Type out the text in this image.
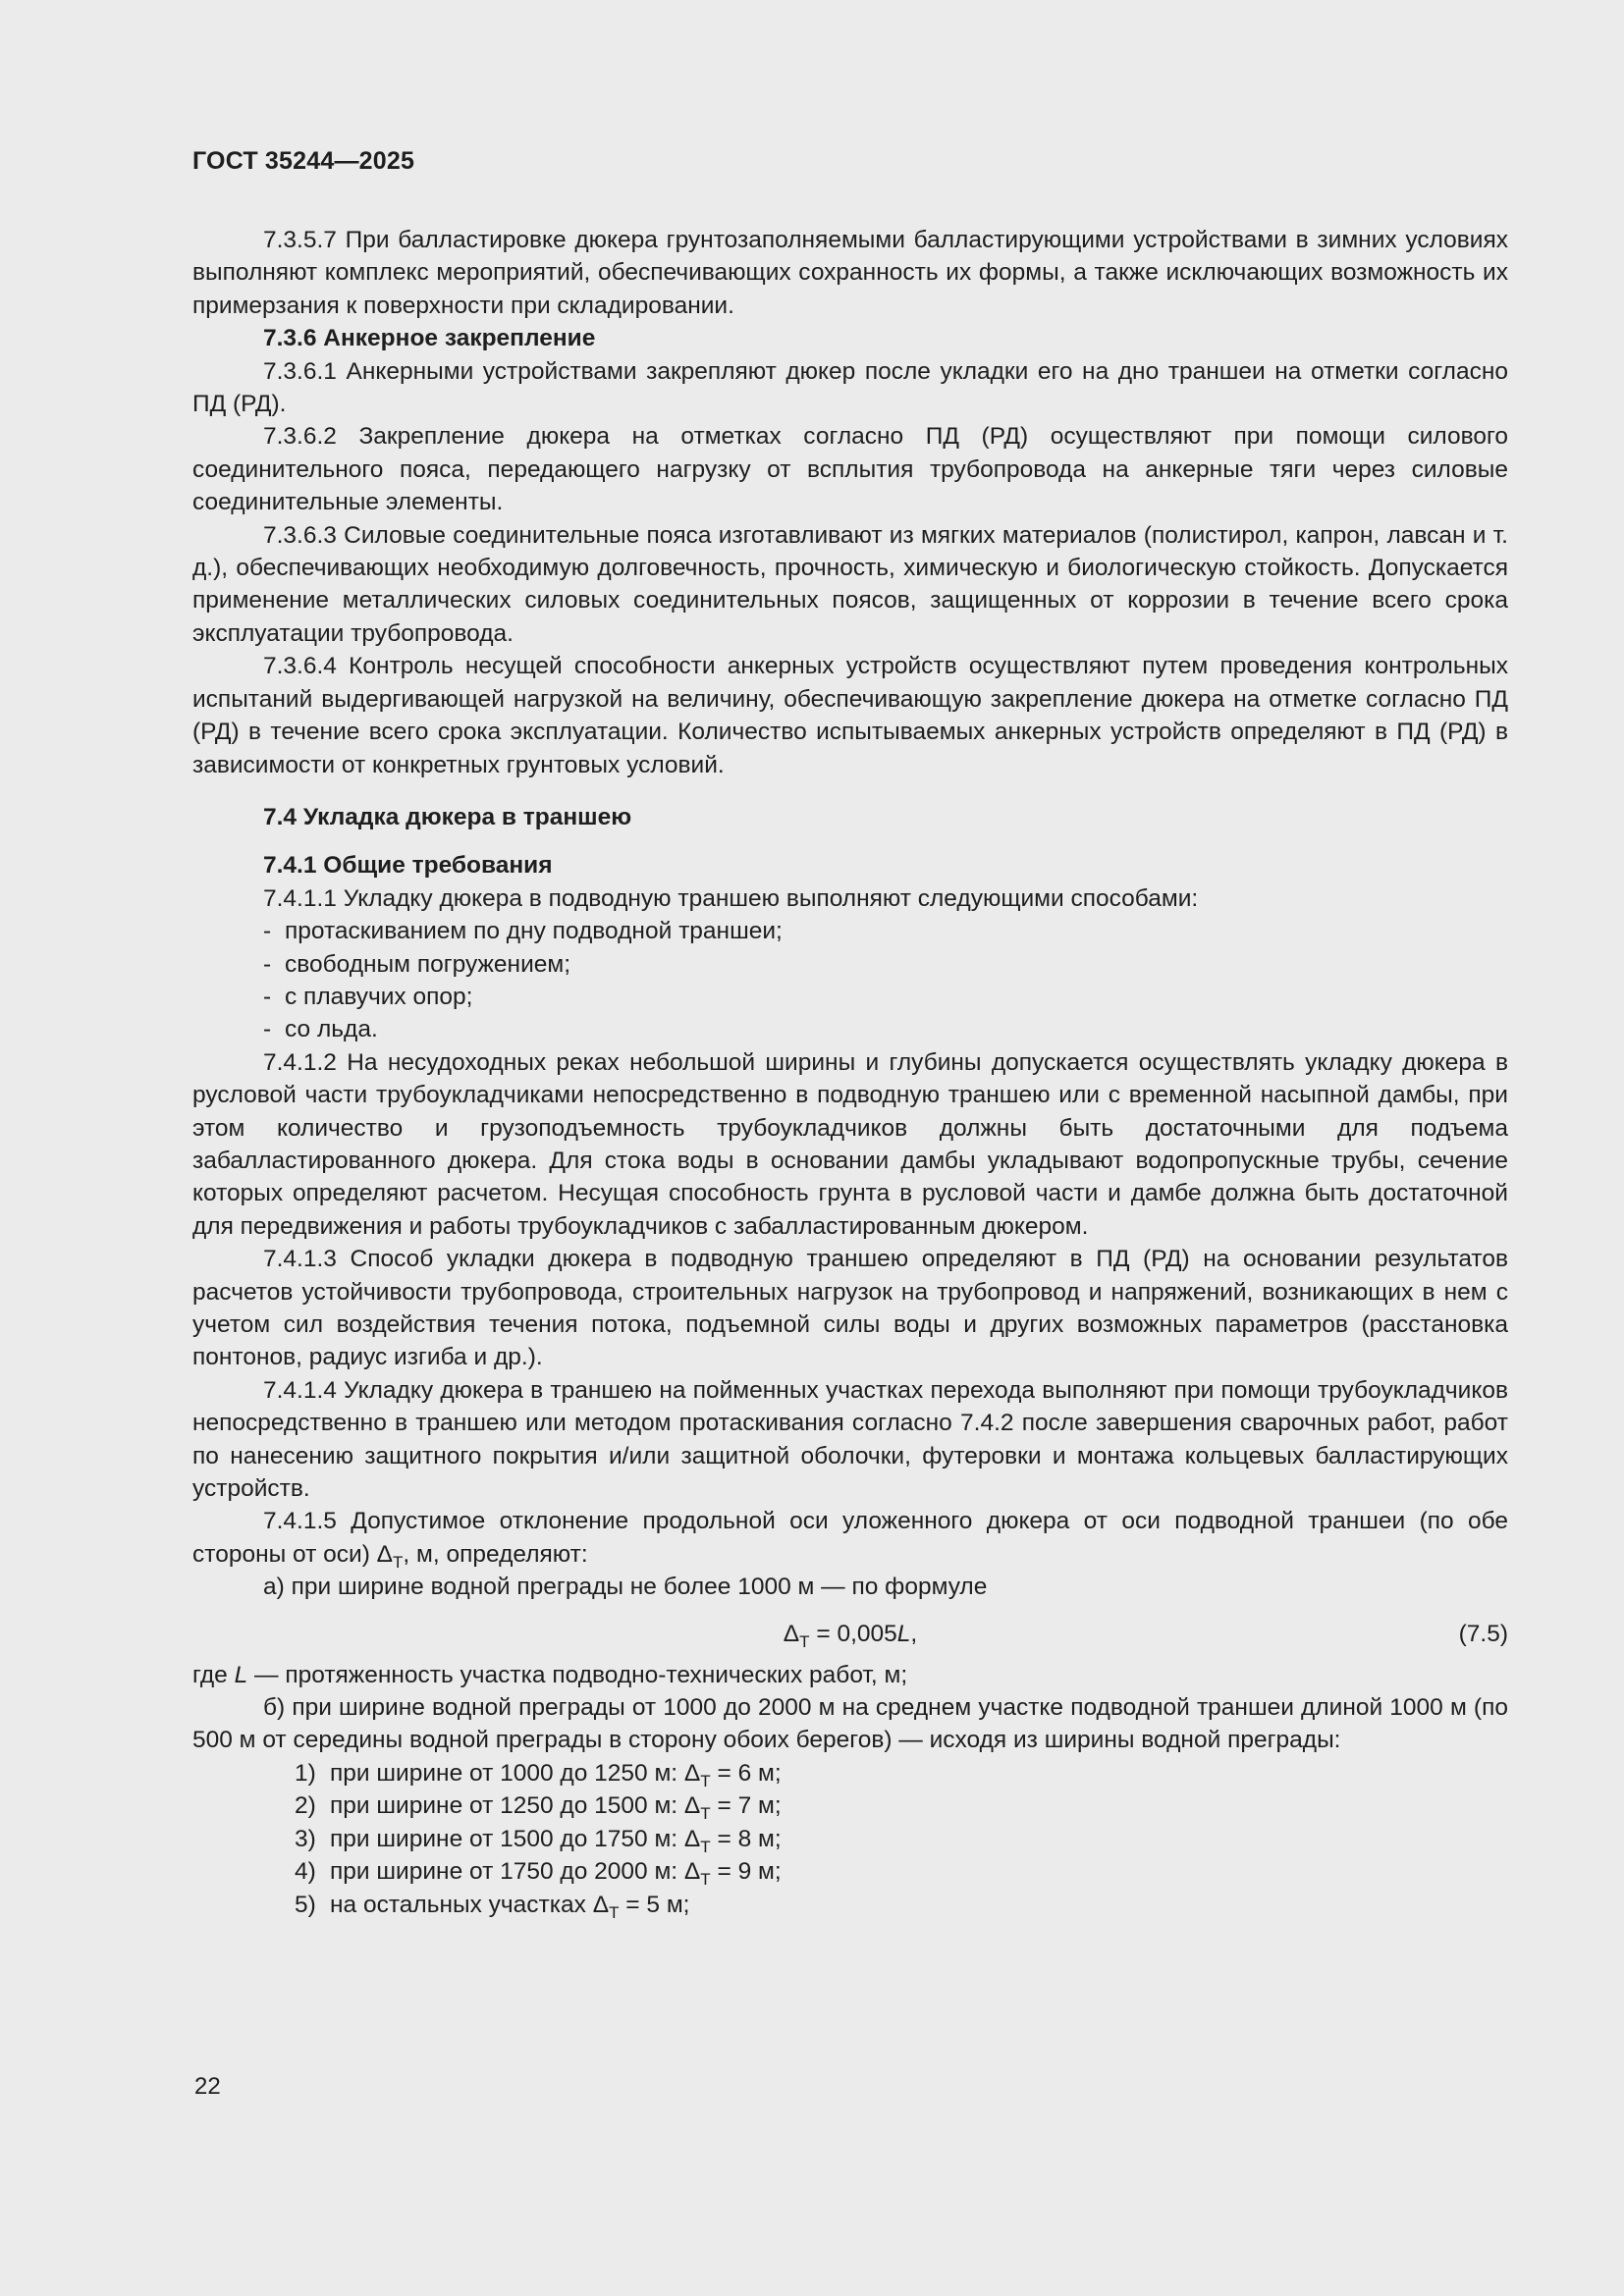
ГОСТ 35244—2025

7.3.5.7 При балластировке дюкера грунтозаполняемыми балластирующими устройствами в зимних условиях выполняют комплекс мероприятий, обеспечивающих сохранность их формы, а также исключающих возможность их примерзания к поверхности при складировании.

7.3.6 Анкерное закрепление

7.3.6.1 Анкерными устройствами закрепляют дюкер после укладки его на дно траншеи на отметки согласно ПД (РД).

7.3.6.2 Закрепление дюкера на отметках согласно ПД (РД) осуществляют при помощи силового соединительного пояса, передающего нагрузку от всплытия трубопровода на анкерные тяги через силовые соединительные элементы.

7.3.6.3 Силовые соединительные пояса изготавливают из мягких материалов (полистирол, капрон, лавсан и т. д.), обеспечивающих необходимую долговечность, прочность, химическую и биологическую стойкость. Допускается применение металлических силовых соединительных поясов, защищенных от коррозии в течение всего срока эксплуатации трубопровода.

7.3.6.4 Контроль несущей способности анкерных устройств осуществляют путем проведения контрольных испытаний выдергивающей нагрузкой на величину, обеспечивающую закрепление дюкера на отметке согласно ПД (РД) в течение всего срока эксплуатации. Количество испытываемых анкерных устройств определяют в ПД (РД) в зависимости от конкретных грунтовых условий.

7.4 Укладка дюкера в траншею

7.4.1 Общие требования

7.4.1.1 Укладку дюкера в подводную траншею выполняют следующими способами:

- протаскиванием по дну подводной траншеи;

- свободным погружением;

- с плавучих опор;

- со льда.

7.4.1.2 На несудоходных реках небольшой ширины и глубины допускается осуществлять укладку дюкера в русловой части трубоукладчиками непосредственно в подводную траншею или с временной насыпной дамбы, при этом количество и грузоподъемность трубоукладчиков должны быть достаточными для подъема забалластированного дюкера. Для стока воды в основании дамбы укладывают водопропускные трубы, сечение которых определяют расчетом. Несущая способность грунта в русловой части и дамбе должна быть достаточной для передвижения и работы трубоукладчиков с забалластированным дюкером.

7.4.1.3 Способ укладки дюкера в подводную траншею определяют в ПД (РД) на основании результатов расчетов устойчивости трубопровода, строительных нагрузок на трубопровод и напряжений, возникающих в нем с учетом сил воздействия течения потока, подъемной силы воды и других возможных параметров (расстановка понтонов, радиус изгиба и др.).

7.4.1.4 Укладку дюкера в траншею на пойменных участках перехода выполняют при помощи трубоукладчиков непосредственно в траншею или методом протаскивания согласно 7.4.2 после завершения сварочных работ, работ по нанесению защитного покрытия и/или защитной оболочки, футеровки и монтажа кольцевых балластирующих устройств.

7.4.1.5 Допустимое отклонение продольной оси уложенного дюкера от оси подводной траншеи (по обе стороны от оси) $\Delta_Т$, м, определяют:

а) при ширине водной преграды не более 1000 м — по формуле

$\Delta_Т = 0,005L$,	(7.5)

где L — протяженность участка подводно-технических работ, м;

б) при ширине водной преграды от 1000 до 2000 м на среднем участке подводной траншеи длиной 1000 м (по 500 м от середины водной преграды в сторону обоих берегов) — исходя из ширины водной преграды:

1) при ширине от 1000 до 1250 м: $\Delta_Т = 6$ м;

2) при ширине от 1250 до 1500 м: $\Delta_Т = 7$ м;

3) при ширине от 1500 до 1750 м: $\Delta_Т = 8$ м;

4) при ширине от 1750 до 2000 м: $\Delta_Т = 9$ м;

5) на остальных участках $\Delta_Т = 5$ м;

22
